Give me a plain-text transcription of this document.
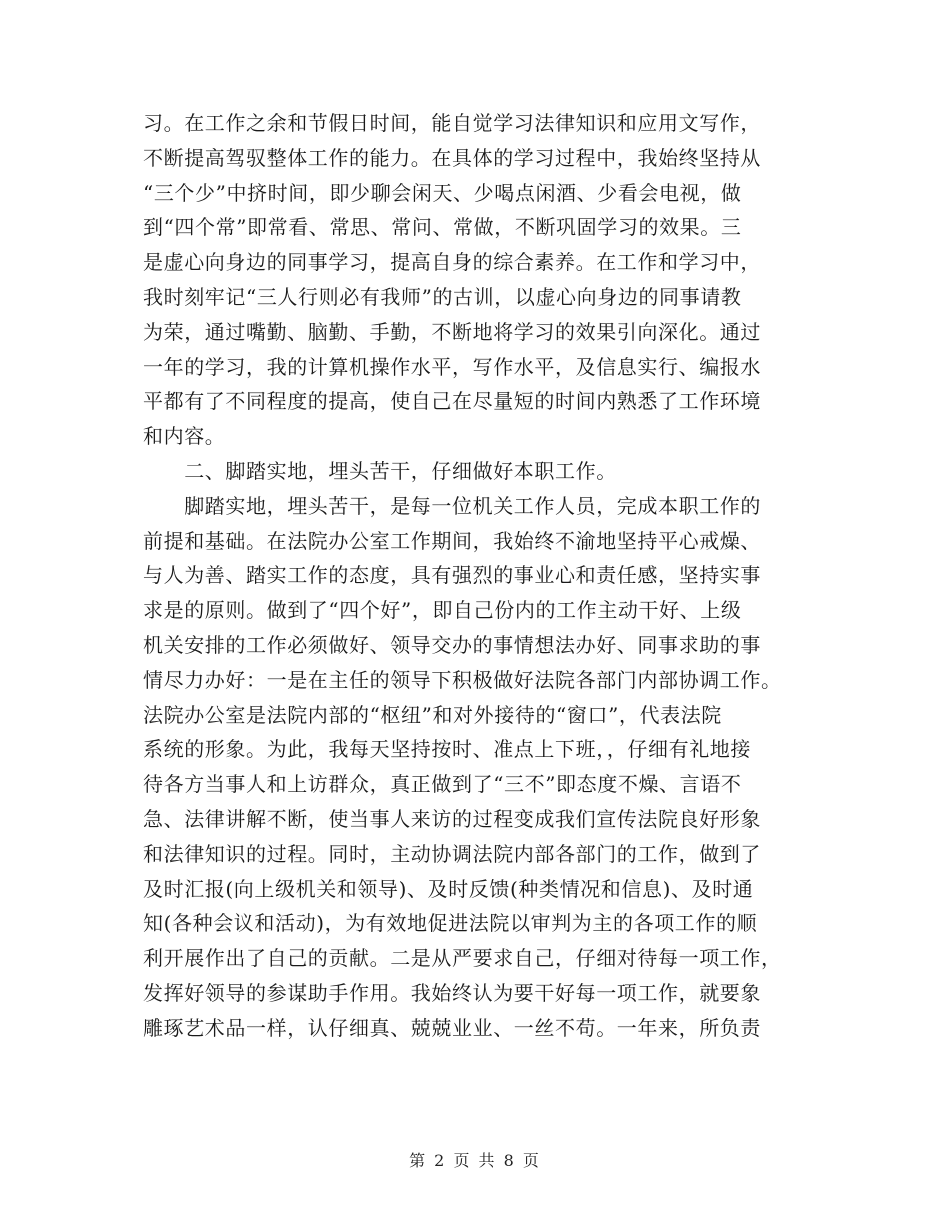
习。在工作之余和节假日时间，能自觉学习法律知识和应用文写作，
不断提高驾驭整体工作的能力。在具体的学习过程中，我始终坚持从
“三个少”中挤时间，即少聊会闲天、少喝点闲酒、少看会电视，做
到“四个常”即常看、常思、常问、常做，不断巩固学习的效果。三
是虚心向身边的同事学习，提高自身的综合素养。在工作和学习中，
我时刻牢记“三人行则必有我师”的古训，以虚心向身边的同事请教
为荣，通过嘴勤、脑勤、手勤，不断地将学习的效果引向深化。通过
一年的学习，我的计算机操作水平，写作水平，及信息实行、编报水
平都有了不同程度的提高，使自己在尽量短的时间内熟悉了工作环境
和内容。
　　二、脚踏实地，埋头苦干，仔细做好本职工作。
　　脚踏实地，埋头苦干，是每一位机关工作人员，完成本职工作的
前提和基础。在法院办公室工作期间，我始终不渝地坚持平心戒燥、
与人为善、踏实工作的态度，具有强烈的事业心和责任感，坚持实事
求是的原则。做到了“四个好”，即自己份内的工作主动干好、上级
机关安排的工作必须做好、领导交办的事情想法办好、同事求助的事
情尽力办好：一是在主任的领导下积极做好法院各部门内部协调工作。
法院办公室是法院内部的“枢纽”和对外接待的“窗口”，代表法院
系统的形象。为此，我每天坚持按时、准点上下班，，仔细有礼地接
待各方当事人和上访群众，真正做到了“三不”即态度不燥、言语不
急、法律讲解不断，使当事人来访的过程变成我们宣传法院良好形象
和法律知识的过程。同时，主动协调法院内部各部门的工作，做到了
及时汇报(向上级机关和领导)、及时反馈(种类情况和信息)、及时通
知(各种会议和活动)，为有效地促进法院以审判为主的各项工作的顺
利开展作出了自己的贡献。二是从严要求自己，仔细对待每一项工作，
发挥好领导的参谋助手作用。我始终认为要干好每一项工作，就要象
雕琢艺术品一样，认仔细真、兢兢业业、一丝不苟。一年来，所负责
第 2 页 共 8 页
